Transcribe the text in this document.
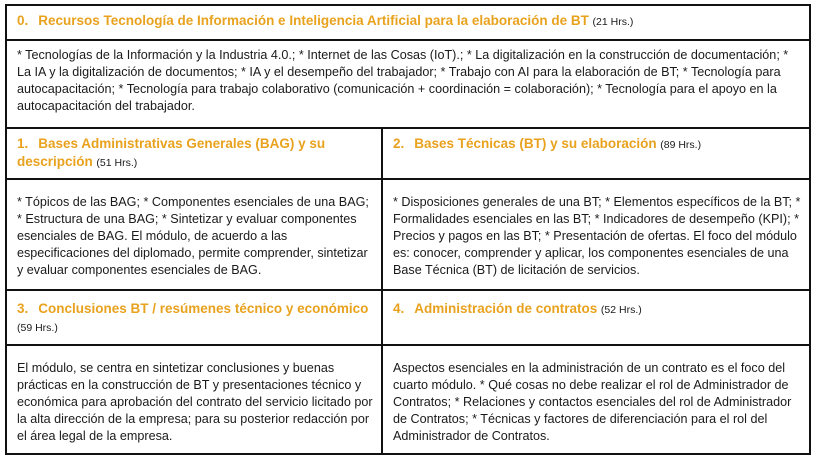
0. Recursos Tecnología de Información e Inteligencia Artificial para la elaboración de BT (21 Hrs.)
* Tecnologías de la Información y la Industria 4.0.; * Internet de las Cosas (IoT).; * La digitalización en la construcción de documentación; * La IA y la digitalización de documentos; * IA y el desempeño del trabajador; * Trabajo con AI para la elaboración de BT; * Tecnología para autocapacitación; * Tecnología para trabajo colaborativo (comunicación + coordinación = colaboración); * Tecnología para el apoyo en la autocapacitación del trabajador.
1. Bases Administrativas Generales (BAG) y su descripción (51 Hrs.)
* Tópicos de las BAG; * Componentes esenciales de una BAG; * Estructura de una BAG; * Sintetizar y evaluar componentes esenciales de BAG. El módulo, de acuerdo a las especificaciones del diplomado, permite comprender, sintetizar y evaluar componentes esenciales de BAG.
2. Bases Técnicas (BT) y su elaboración (89 Hrs.)
* Disposiciones generales de una BT; * Elementos específicos de la BT; * Formalidades esenciales en las BT; * Indicadores de desempeño (KPI); * Precios y pagos en las BT; * Presentación de ofertas. El foco del módulo es: conocer, comprender y aplicar, los componentes esenciales de una Base Técnica (BT) de licitación de servicios.
3. Conclusiones BT / resúmenes técnico y económico (59 Hrs.)
El módulo, se centra en sintetizar conclusiones y buenas prácticas en la construcción de BT y presentaciones técnico y económica para aprobación del contrato del servicio licitado por la alta dirección de la empresa; para su posterior redacción por el área legal de la empresa.
4. Administración de contratos (52 Hrs.)
Aspectos esenciales en la administración de un contrato es el foco del cuarto módulo. * Qué cosas no debe realizar el rol de Administrador de Contratos; * Relaciones y contactos esenciales del rol de Administrador de Contratos; * Técnicas y factores de diferenciación para el rol del Administrador de Contratos.
